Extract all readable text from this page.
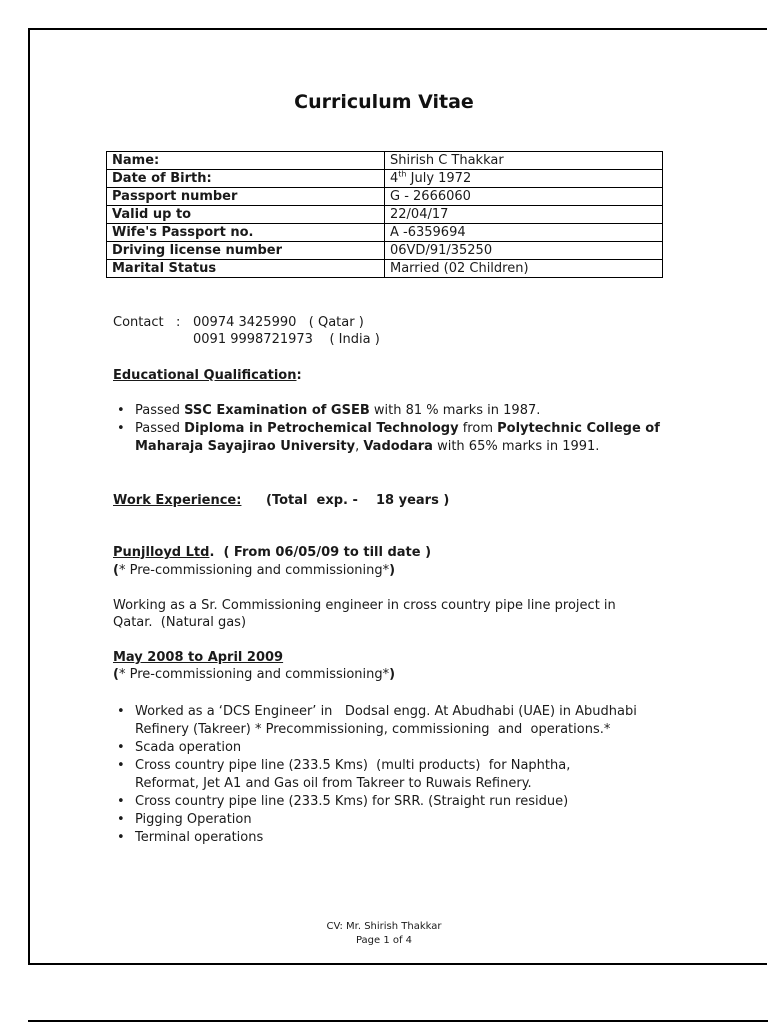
Curriculum Vitae
Name:	Shirish C Thakkar
Date of Birth:	4th July 1972
Passport number	G - 2666060
Valid up to	22/04/17
Wife's Passport no.	A -6359694
Driving license number	06VD/91/35250
Marital Status	Married (02 Children)
Contact   : 00974 3425990   ( Qatar )
0091 9998721973    ( India )
Educational Qualification:
• Passed SSC Examination of GSEB with 81 % marks in 1987.
• Passed Diploma in Petrochemical Technology from Polytechnic College of
Maharaja Sayajirao University, Vadodara with 65% marks in 1991.
Work Experience: (Total  exp. -    18 years )
Punjlloyd Ltd.  ( From 06/05/09 to till date )
(* Pre-commissioning and commissioning*)
Working as a Sr. Commissioning engineer in cross country pipe line project in
Qatar.  (Natural gas)
May 2008 to April 2009
(* Pre-commissioning and commissioning*)
• Worked as a ‘DCS Engineer’ in   Dodsal engg. At Abudhabi (UAE) in Abudhabi
Refinery (Takreer) * Precommissioning, commissioning  and  operations.*
• Scada operation
• Cross country pipe line (233.5 Kms)  (multi products)  for Naphtha,
Reformat, Jet A1 and Gas oil from Takreer to Ruwais Refinery.
• Cross country pipe line (233.5 Kms) for SRR. (Straight run residue)
• Pigging Operation
• Terminal operations
CV: Mr. Shirish Thakkar
Page 1 of 4
